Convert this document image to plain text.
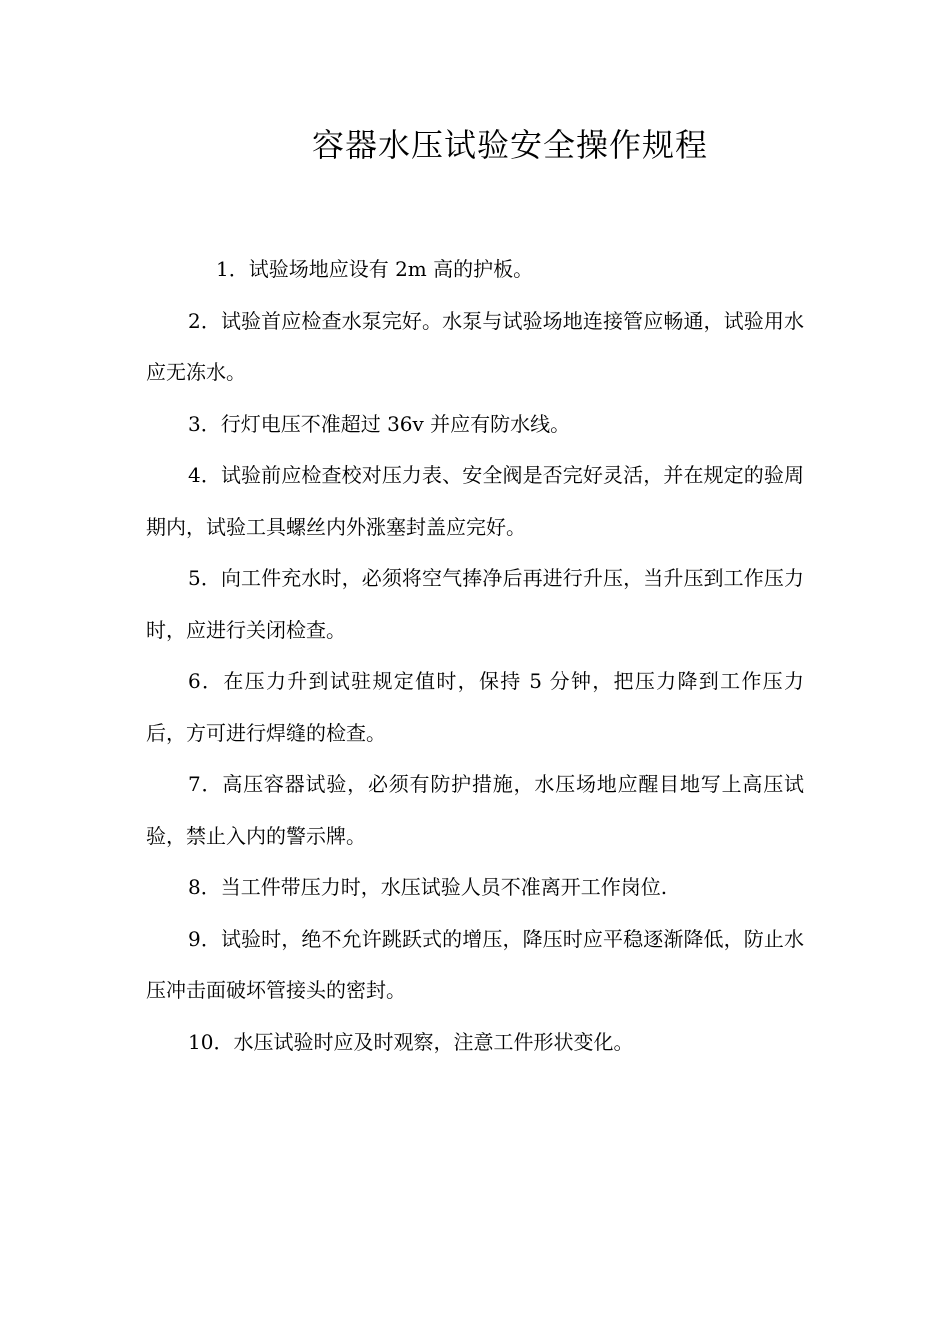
容器水压试验安全操作规程

1．试验场地应设有 2m 高的护板。

2．试验首应检查水泵完好。水泵与试验场地连接管应畅通，试验用水应无冻水。

3．行灯电压不准超过 36v 并应有防水线。

4．试验前应检查校对压力表、安全阀是否完好灵活，并在规定的验周期内，试验工具螺丝内外涨塞封盖应完好。

5．向工件充水时，必须将空气捧净后再进行升压，当升压到工作压力时，应进行关闭检查。

6．在压力升到试驻规定值时，保持 5 分钟，把压力降到工作压力后，方可进行焊缝的检查。

7．高压容器试验，必须有防护措施，水压场地应醒目地写上高压试验，禁止入内的警示牌。

8．当工件带压力时，水压试验人员不准离开工作岗位.

9．试验时，绝不允许跳跃式的增压，降压时应平稳逐渐降低，防止水压冲击面破坏管接头的密封。

10．水压试验时应及时观察，注意工件形状变化。
